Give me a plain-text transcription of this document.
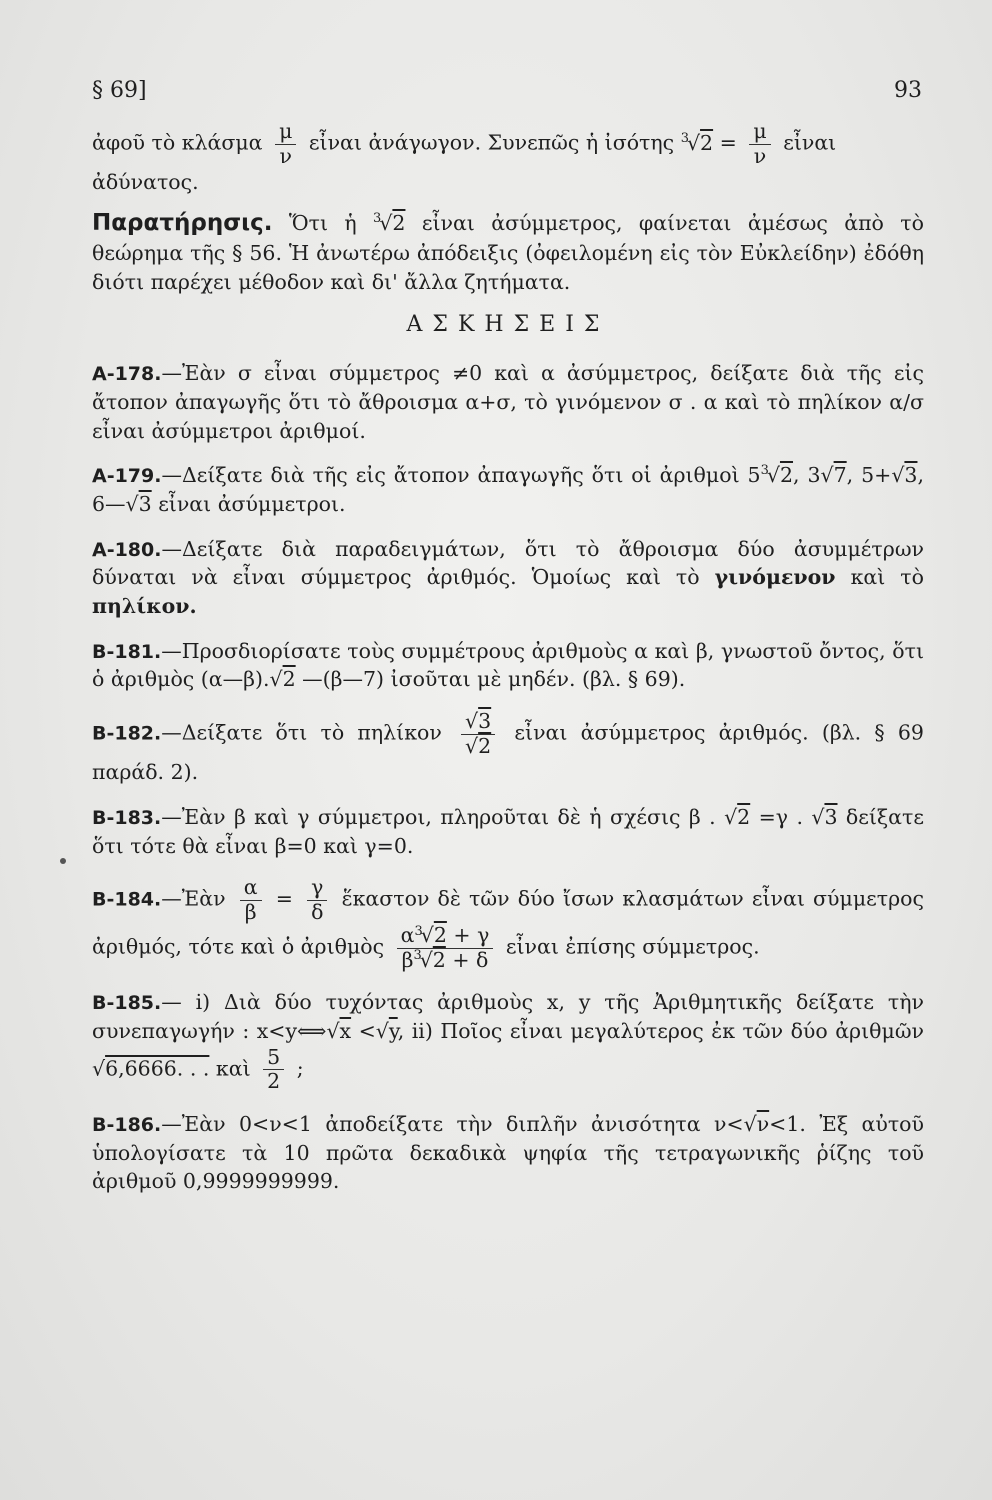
§ 69]	93

ἀφοῦ τὸ κλάσμα $\frac{\mu}{\nu}$ εἶναι ἀνάγωγον. Συνεπῶς ἡ ἰσότης $^3√2 = \frac{\mu}{\nu}$ εἶναι
ἀδύνατος.

Παρατήρησις. Ὅτι ἡ $^3$√2 εἶναι ἀσύμμετρος, φαίνεται ἀμέσως ἀπὸ τὸ θεώρημα τῆς § 56. Ἡ ἀνωτέρω ἀπόδειξις (ὀφειλομένη εἰς τὸν Εὐκλείδην) ἐδόθη διότι παρέχει μέθοδον καὶ δι' ἄλλα ζητήματα.

ΑΣΚΗΣΕΙΣ

Α-178.—Ἐὰν σ εἶναι σύμμετρος ≠0 καὶ α ἀσύμμετρος, δείξατε διὰ τῆς εἰς ἄτοπον ἀπαγωγῆς ὅτι τὸ ἄθροισμα α+σ, τὸ γινόμενον σ . α καὶ τὸ πηλίκον α/σ εἶναι ἀσύμμετροι ἀριθμοί.

Α-179.—Δείξατε διὰ τῆς εἰς ἄτοπον ἀπαγωγῆς ὅτι οἱ ἀριθμοὶ $5^3√2$, 3√7, 5+√3, 6—√3 εἶναι ἀσύμμετροι.

Α-180.—Δείξατε διὰ παραδειγμάτων, ὅτι τὸ ἄθροισμα δύο ἀσυμμέτρων δύναται νὰ εἶναι σύμμετρος ἀριθμός. Ὁμοίως καὶ τὸ γινόμενον καὶ τὸ πηλίκον.

Β-181.—Προσδιορίσατε τοὺς συμμέτρους ἀριθμοὺς α καὶ β, γνωστοῦ ὄντος, ὅτι ὁ ἀριθμὸς (α—β).√2 —(β—7) ἰσοῦται μὲ μηδέν. (βλ. § 69).

Β-182.—Δείξατε ὅτι τὸ πηλίκον $\frac{√3}{√2}$ εἶναι ἀσύμμετρος ἀριθμός. (βλ. § 69 παράδ. 2).

Β-183.—Ἐὰν β καὶ γ σύμμετροι, πληροῦται δὲ ἡ σχέσις β . √2 =γ . √3 δείξατε ὅτι τότε θὰ εἶναι β=0 καὶ γ=0.

Β-184.—Ἐὰν $\frac{\alpha}{\beta} = \frac{\gamma}{\delta}$ ἕκαστον δὲ τῶν δύο ἴσων κλασμάτων εἶναι σύμμετρος ἀριθμός, τότε καὶ ὁ ἀριθμὸς $\frac{\alpha^3√2 + \gamma}{\beta^3√2 + \delta}$ εἶναι ἐπίσης σύμμετρος.

Β-185.— i) Διὰ δύο τυχόντας ἀριθμοὺς x, y τῆς Ἀριθμητικῆς δείξατε τὴν συνεπαγωγήν : x<y⟺√x <√y, ii) Ποῖος εἶναι μεγαλύτερος ἐκ τῶν δύο ἀριθμῶν √6,6666. . . καὶ $\frac{5}{2}$ ;

Β-186.—Ἐὰν 0<ν<1 ἀποδείξατε τὴν διπλῆν ἀνισότητα ν<√ν<1. Ἐξ αὐτοῦ ὑπολογίσατε τὰ 10 πρῶτα δεκαδικὰ ψηφία τῆς τετραγωνικῆς ῥίζης τοῦ ἀριθμοῦ 0,9999999999.
